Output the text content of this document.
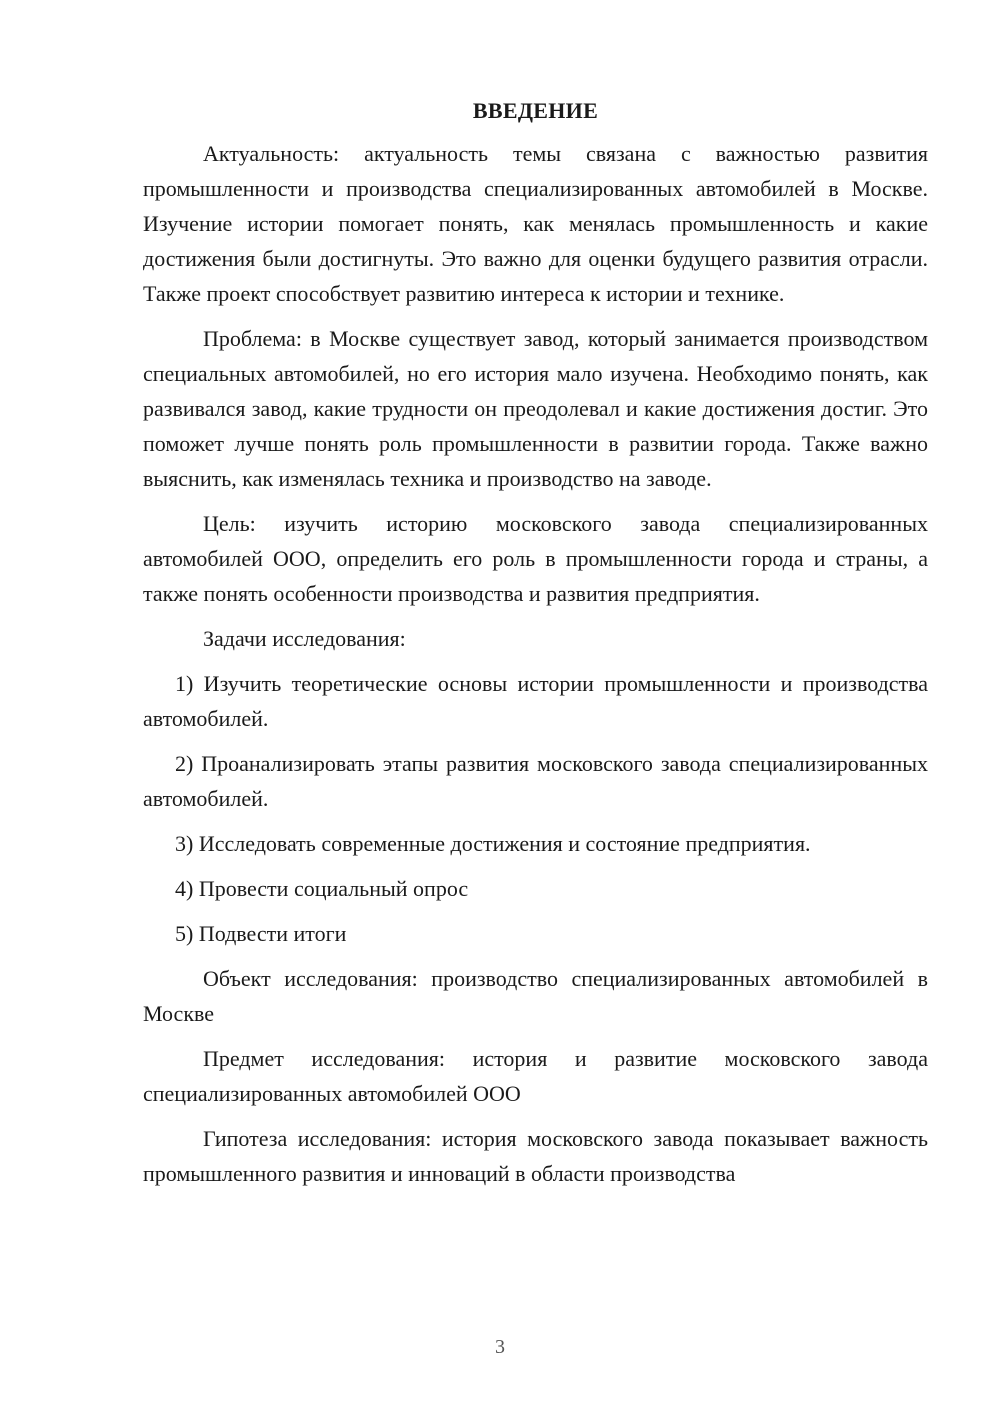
ВВЕДЕНИЕ

Актуальность: актуальность темы связана с важностью развития промышленности и производства специализированных автомобилей в Москве. Изучение истории помогает понять, как менялась промышленность и какие достижения были достигнуты. Это важно для оценки будущего развития отрасли. Также проект способствует развитию интереса к истории и технике.

Проблема: в Москве существует завод, который занимается производством специальных автомобилей, но его история мало изучена. Необходимо понять, как развивался завод, какие трудности он преодолевал и какие достижения достиг. Это поможет лучше понять роль промышленности в развитии города. Также важно выяснить, как изменялась техника и производство на заводе.

Цель: изучить историю московского завода специализированных автомобилей ООО, определить его роль в промышленности города и страны, а также понять особенности производства и развития предприятия.

Задачи исследования:

1) Изучить теоретические основы истории промышленности и производства автомобилей.

2) Проанализировать этапы развития московского завода специализированных автомобилей.

3) Исследовать современные достижения и состояние предприятия.

4) Провести социальный опрос

5) Подвести итоги

Объект исследования: производство специализированных автомобилей в Москве

Предмет исследования: история и развитие московского завода специализированных автомобилей ООО

Гипотеза исследования: история московского завода показывает важность промышленного развития и инноваций в области производства

3
